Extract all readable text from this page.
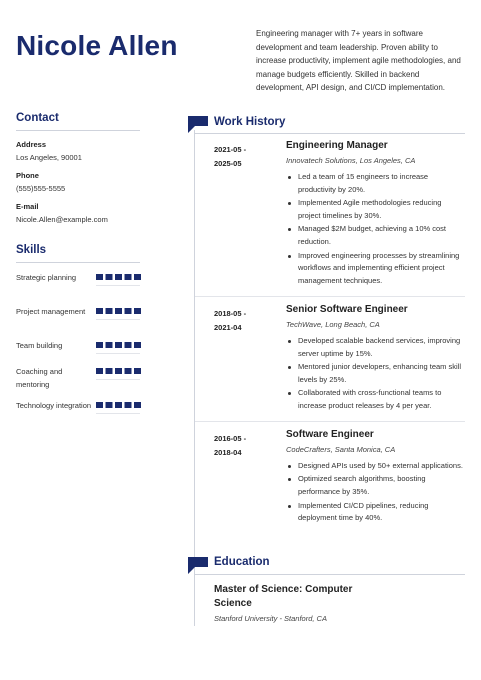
Nicole Allen	Engineering manager with 7+ years in software development and team leadership. Proven ability to increase productivity, implement agile methodologies, and manage budgets efficiently. Skilled in backend development, API design, and CI/CD implementation.
Contact
Address
Los Angeles, 90001
Phone
(555)555-5555
E-mail
Nicole.Allen@example.com
Skills
Strategic planning
Project management
Team building
Coaching and mentoring
Technology integration
Work History
2021-05 -
2025-05
Engineering Manager
Innovatech Solutions, Los Angeles, CA
Led a team of 15 engineers to increase productivity by 20%.
Implemented Agile methodologies reducing project timelines by 30%.
Managed $2M budget, achieving a 10% cost reduction.
Improved engineering processes by streamlining workflows and implementing efficient project management techniques.
2018-05 -
2021-04
Senior Software Engineer
TechWave, Long Beach, CA
Developed scalable backend services, improving server uptime by 15%.
Mentored junior developers, enhancing team skill levels by 25%.
Collaborated with cross-functional teams to increase product releases by 4 per year.
2016-05 -
2018-04
Software Engineer
CodeCrafters, Santa Monica, CA
Designed APIs used by 50+ external applications.
Optimized search algorithms, boosting performance by 35%.
Implemented CI/CD pipelines, reducing deployment time by 40%.
Education
Master of Science: Computer Science
Stanford University - Stanford, CA
